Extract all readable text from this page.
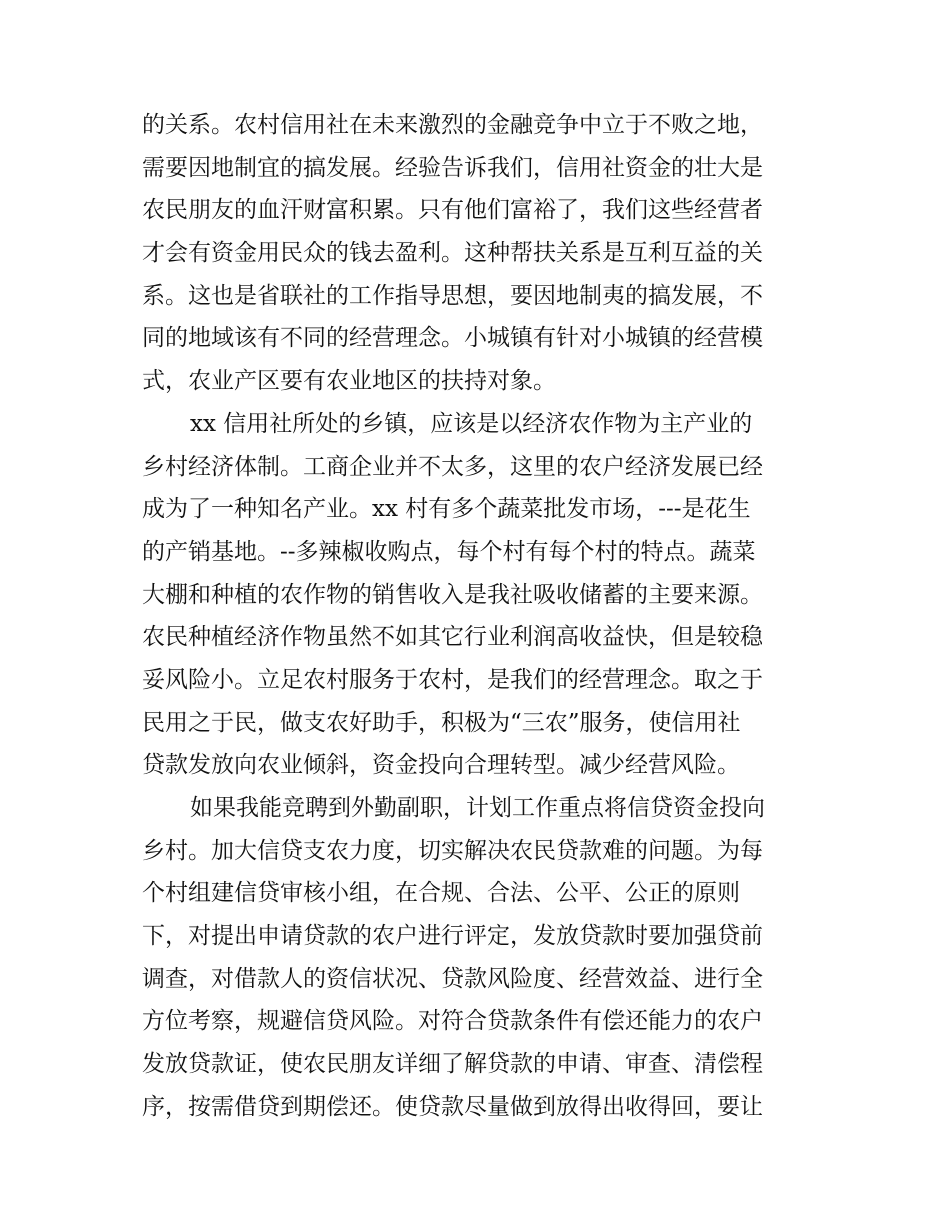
的关系。农村信用社在未来激烈的金融竞争中立于不败之地，
需要因地制宜的搞发展。经验告诉我们，信用社资金的壮大是
农民朋友的血汗财富积累。只有他们富裕了，我们这些经营者
才会有资金用民众的钱去盈利。这种帮扶关系是互利互益的关
系。这也是省联社的工作指导思想，要因地制夷的搞发展，不
同的地域该有不同的经营理念。小城镇有针对小城镇的经营模
式，农业产区要有农业地区的扶持对象。
xx 信用社所处的乡镇，应该是以经济农作物为主产业的
乡村经济体制。工商企业并不太多，这里的农户经济发展已经
成为了一种知名产业。xx 村有多个蔬菜批发市场，---是花生
的产销基地。--多辣椒收购点，每个村有每个村的特点。蔬菜
大棚和种植的农作物的销售收入是我社吸收储蓄的主要来源。
农民种植经济作物虽然不如其它行业利润高收益快，但是较稳
妥风险小。立足农村服务于农村，是我们的经营理念。取之于
民用之于民，做支农好助手，积极为“三农”服务，使信用社
贷款发放向农业倾斜，资金投向合理转型。减少经营风险。
如果我能竞聘到外勤副职，计划工作重点将信贷资金投向
乡村。加大信贷支农力度，切实解决农民贷款难的问题。为每
个村组建信贷审核小组，在合规、合法、公平、公正的原则
下，对提出申请贷款的农户进行评定，发放贷款时要加强贷前
调查，对借款人的资信状况、贷款风险度、经营效益、进行全
方位考察，规避信贷风险。对符合贷款条件有偿还能力的农户
发放贷款证，使农民朋友详细了解贷款的申请、审查、清偿程
序，按需借贷到期偿还。使贷款尽量做到放得出收得回，要让
